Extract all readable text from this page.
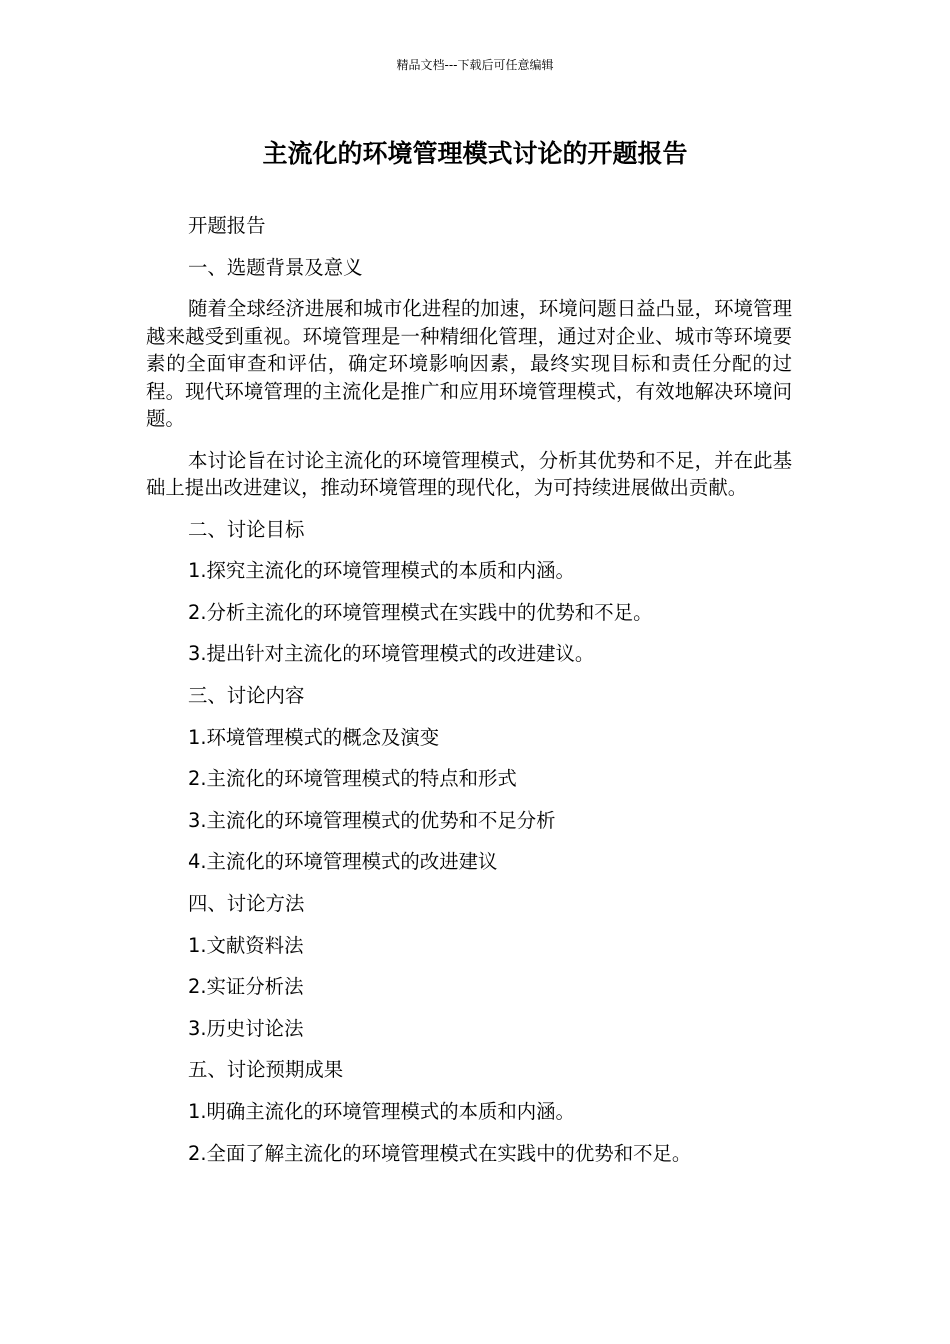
精品文档---下载后可任意编辑
主流化的环境管理模式讨论的开题报告
开题报告
一、选题背景及意义

随着全球经济进展和城市化进程的加速，环境问题日益凸显，环境管理越来越受到重视。环境管理是一种精细化管理，通过对企业、城市等环境要素的全面审查和评估，确定环境影响因素，最终实现目标和责任分配的过程。现代环境管理的主流化是推广和应用环境管理模式，有效地解决环境问题。

本讨论旨在讨论主流化的环境管理模式，分析其优势和不足，并在此基础上提出改进建议，推动环境管理的现代化，为可持续进展做出贡献。

二、讨论目标
1.探究主流化的环境管理模式的本质和内涵。
2.分析主流化的环境管理模式在实践中的优势和不足。
3.提出针对主流化的环境管理模式的改进建议。
三、讨论内容
1.环境管理模式的概念及演变
2.主流化的环境管理模式的特点和形式
3.主流化的环境管理模式的优势和不足分析
4.主流化的环境管理模式的改进建议
四、讨论方法
1.文献资料法
2.实证分析法
3.历史讨论法
五、讨论预期成果
1.明确主流化的环境管理模式的本质和内涵。
2.全面了解主流化的环境管理模式在实践中的优势和不足。
